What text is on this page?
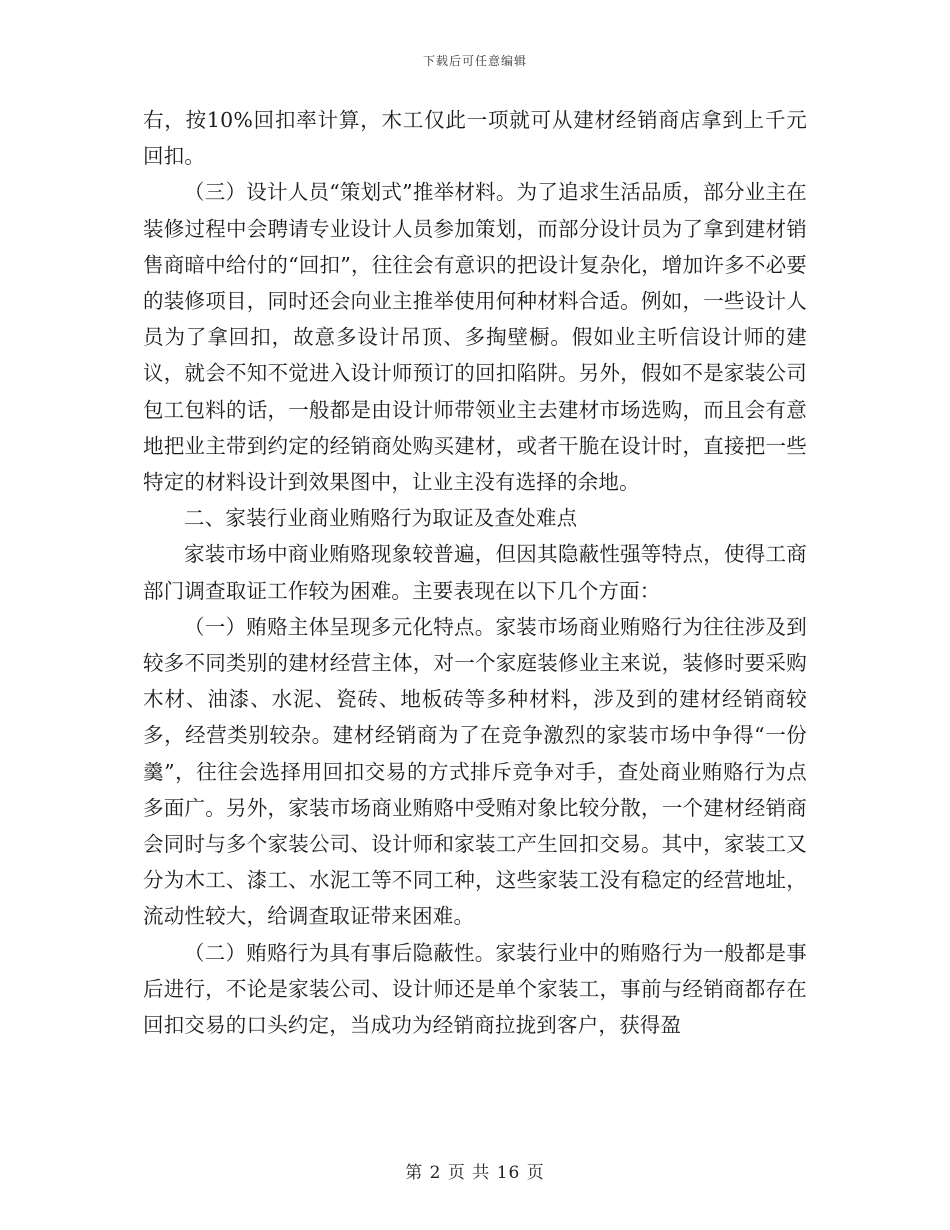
下载后可任意编辑

右，按10%回扣率计算，木工仅此一项就可从建材经销商店拿到上千元回扣。

（三）设计人员“策划式”推举材料。为了追求生活品质，部分业主在装修过程中会聘请专业设计人员参加策划，而部分设计员为了拿到建材销售商暗中给付的“回扣”，往往会有意识的把设计复杂化，增加许多不必要的装修项目，同时还会向业主推举使用何种材料合适。例如，一些设计人员为了拿回扣，故意多设计吊顶、多掏壁橱。假如业主听信设计师的建议，就会不知不觉进入设计师预订的回扣陷阱。另外，假如不是家装公司包工包料的话，一般都是由设计师带领业主去建材市场选购，而且会有意地把业主带到约定的经销商处购买建材，或者干脆在设计时，直接把一些特定的材料设计到效果图中，让业主没有选择的余地。

二、家装行业商业贿赂行为取证及查处难点

家装市场中商业贿赂现象较普遍，但因其隐蔽性强等特点，使得工商部门调查取证工作较为困难。主要表现在以下几个方面：

（一）贿赂主体呈现多元化特点。家装市场商业贿赂行为往往涉及到较多不同类别的建材经营主体，对一个家庭装修业主来说，装修时要采购木材、油漆、水泥、瓷砖、地板砖等多种材料，涉及到的建材经销商较多，经营类别较杂。建材经销商为了在竞争激烈的家装市场中争得“一份羹”，往往会选择用回扣交易的方式排斥竞争对手，查处商业贿赂行为点多面广。另外，家装市场商业贿赂中受贿对象比较分散，一个建材经销商会同时与多个家装公司、设计师和家装工产生回扣交易。其中，家装工又分为木工、漆工、水泥工等不同工种，这些家装工没有稳定的经营地址，流动性较大，给调查取证带来困难。

（二）贿赂行为具有事后隐蔽性。家装行业中的贿赂行为一般都是事后进行，不论是家装公司、设计师还是单个家装工，事前与经销商都存在回扣交易的口头约定，当成功为经销商拉拢到客户，获得盈

第 2 页 共 16 页
